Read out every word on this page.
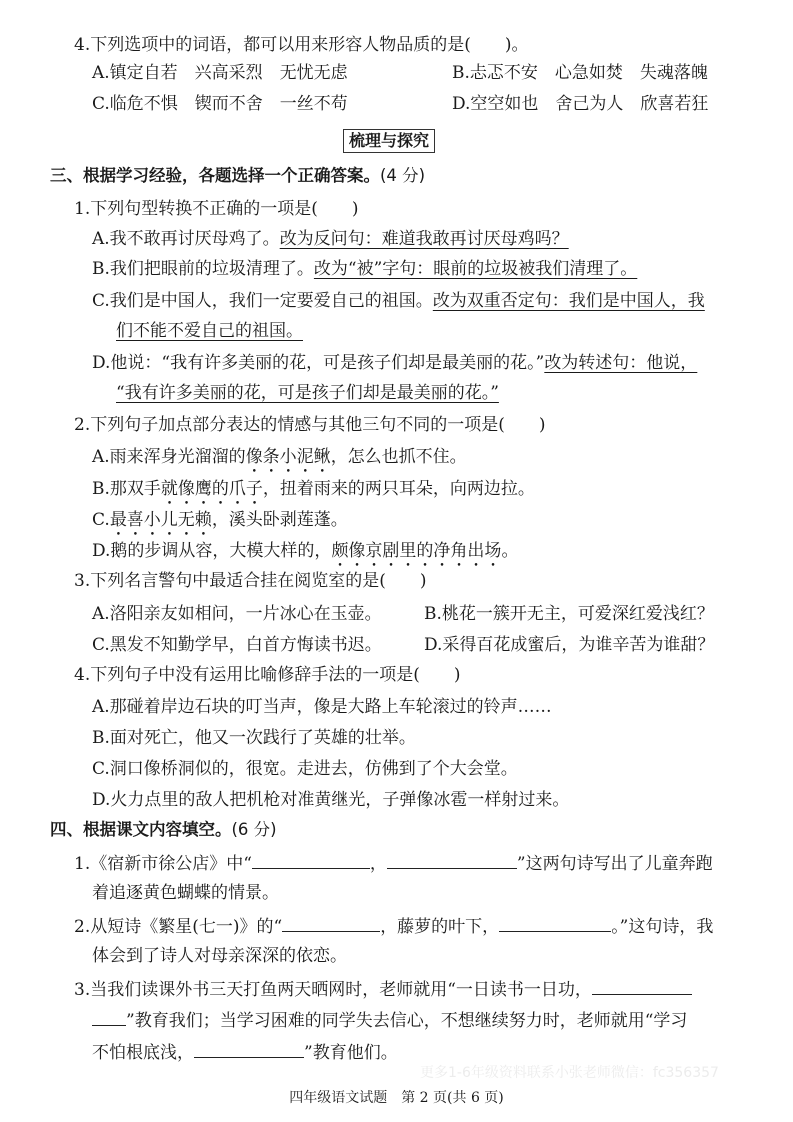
4.下列选项中的词语，都可以用来形容人物品质的是(　　)。
A.镇定自若　兴高采烈　无忧无虑	B.忐忑不安　心急如焚　失魂落魄
C.临危不惧　锲而不舍　一丝不苟	D.空空如也　舍己为人　欣喜若狂
梳理与探究
三、根据学习经验，各题选择一个正确答案。(4 分)
1.下列句型转换不正确的一项是(　　)
A.我不敢再讨厌母鸡了。改为反问句：难道我敢再讨厌母鸡吗？
B.我们把眼前的垃圾清理了。改为“被”字句：眼前的垃圾被我们清理了。
C.我们是中国人，我们一定要爱自己的祖国。改为双重否定句：我们是中国人，我
们不能不爱自己的祖国。
D.他说：“我有许多美丽的花，可是孩子们却是最美丽的花。”改为转述句：他说，
“我有许多美丽的花，可是孩子们却是最美丽的花。”
2.下列句子加点部分表达的情感与其他三句不同的一项是(　　)
A.雨来浑身光溜溜的像条小泥鳅，怎么也抓不住。
B.那双手就像鹰的爪子，扭着雨来的两只耳朵，向两边拉。
C.最喜小儿无赖，溪头卧剥莲蓬。
D.鹅的步调从容，大模大样的，颇像京剧里的净角出场。
3.下列名言警句中最适合挂在阅览室的是(　　)
A.洛阳亲友如相问，一片冰心在玉壶。 B.桃花一簇开无主，可爱深红爱浅红？
C.黑发不知勤学早，白首方悔读书迟。 D.采得百花成蜜后，为谁辛苦为谁甜？
4.下列句子中没有运用比喻修辞手法的一项是(　　)
A.那碰着岸边石块的叮当声，像是大路上车轮滚过的铃声……
B.面对死亡，他又一次践行了英雄的壮举。
C.洞口像桥洞似的，很宽。走进去，仿佛到了个大会堂。
D.火力点里的敌人把机枪对准黄继光，子弹像冰雹一样射过来。
四、根据课文内容填空。(6 分)
1.《宿新市徐公店》中“	，	”这两句诗写出了儿童奔跑
着追逐黄色蝴蝶的情景。
2.从短诗《繁星(七一)》的“	，藤萝的叶下，	。”这句诗，我
体会到了诗人对母亲深深的依恋。
3.当我们读课外书三天打鱼两天晒网时，老师就用“一日读书一日功，
”教育我们；当学习困难的同学失去信心，不想继续努力时，老师就用“学习
不怕根底浅，	”教育他们。
更多1-6年级资料联系小张老师微信：fc356357
四年级语文试题　第 2 页(共 6 页)
